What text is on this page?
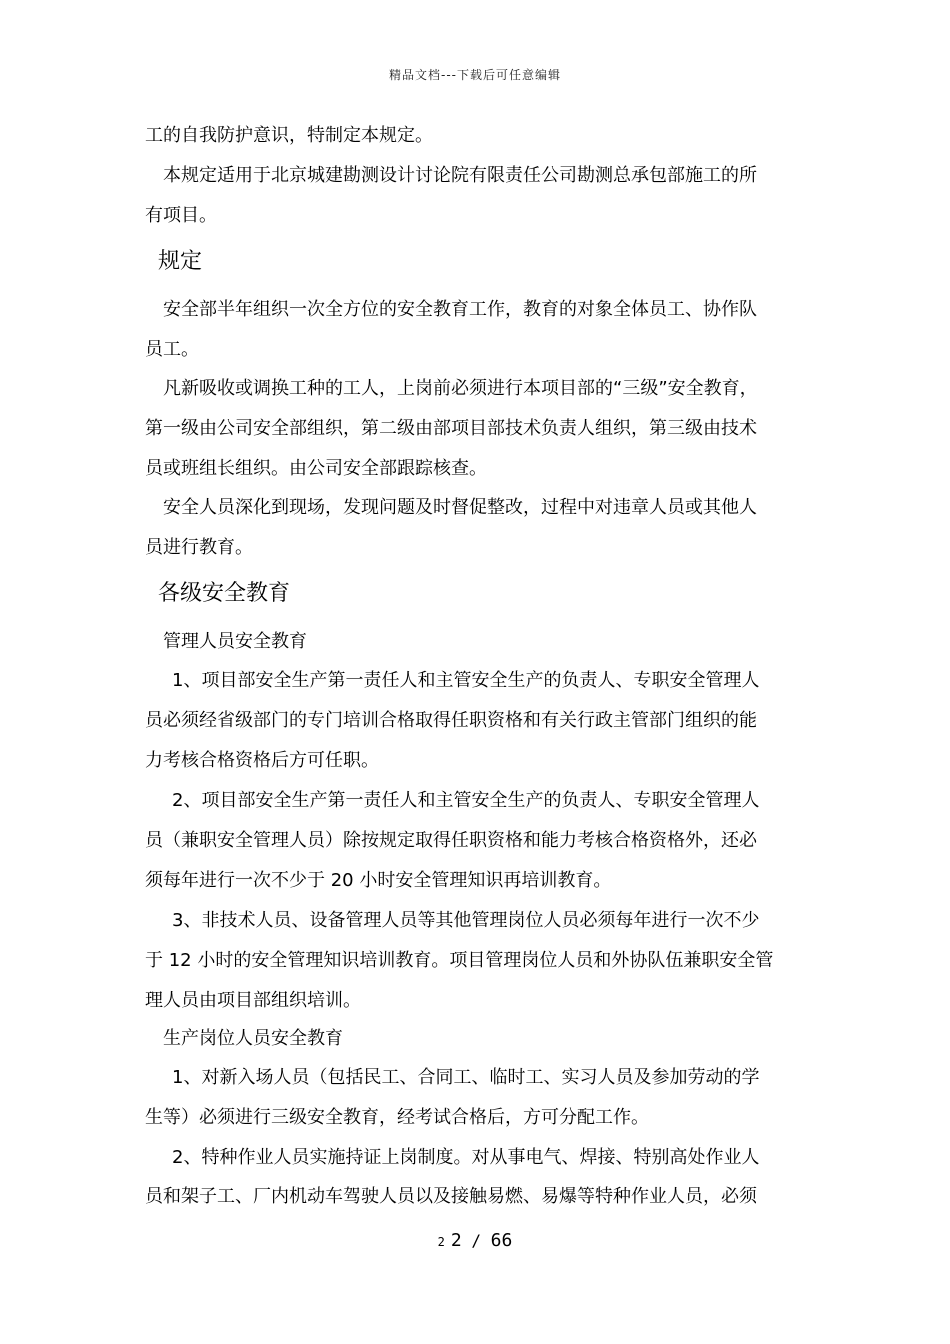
精品文档---下载后可任意编辑
工的自我防护意识，特制定本规定。
本规定适用于北京城建勘测设计讨论院有限责任公司勘测总承包部施工的所
有项目。
规定
安全部半年组织一次全方位的安全教育工作，教育的对象全体员工、协作队
员工。
凡新吸收或调换工种的工人，上岗前必须进行本项目部的“三级”安全教育，
第一级由公司安全部组织，第二级由部项目部技术负责人组织，第三级由技术
员或班组长组织。由公司安全部跟踪核查。
安全人员深化到现场，发现问题及时督促整改，过程中对违章人员或其他人
员进行教育。
各级安全教育
管理人员安全教育
1、项目部安全生产第一责任人和主管安全生产的负责人、专职安全管理人
员必须经省级部门的专门培训合格取得任职资格和有关行政主管部门组织的能
力考核合格资格后方可任职。
2、项目部安全生产第一责任人和主管安全生产的负责人、专职安全管理人
员（兼职安全管理人员）除按规定取得任职资格和能力考核合格资格外，还必
须每年进行一次不少于 20 小时安全管理知识再培训教育。
3、非技术人员、设备管理人员等其他管理岗位人员必须每年进行一次不少
于 12 小时的安全管理知识培训教育。项目管理岗位人员和外协队伍兼职安全管
理人员由项目部组织培训。
生产岗位人员安全教育
1、对新入场人员（包括民工、合同工、临时工、实习人员及参加劳动的学
生等）必须进行三级安全教育，经考试合格后，方可分配工作。
2、特种作业人员实施持证上岗制度。对从事电气、焊接、特别高处作业人
员和架子工、厂内机动车驾驶人员以及接触易燃、易爆等特种作业人员，必须
2 2 / 66
